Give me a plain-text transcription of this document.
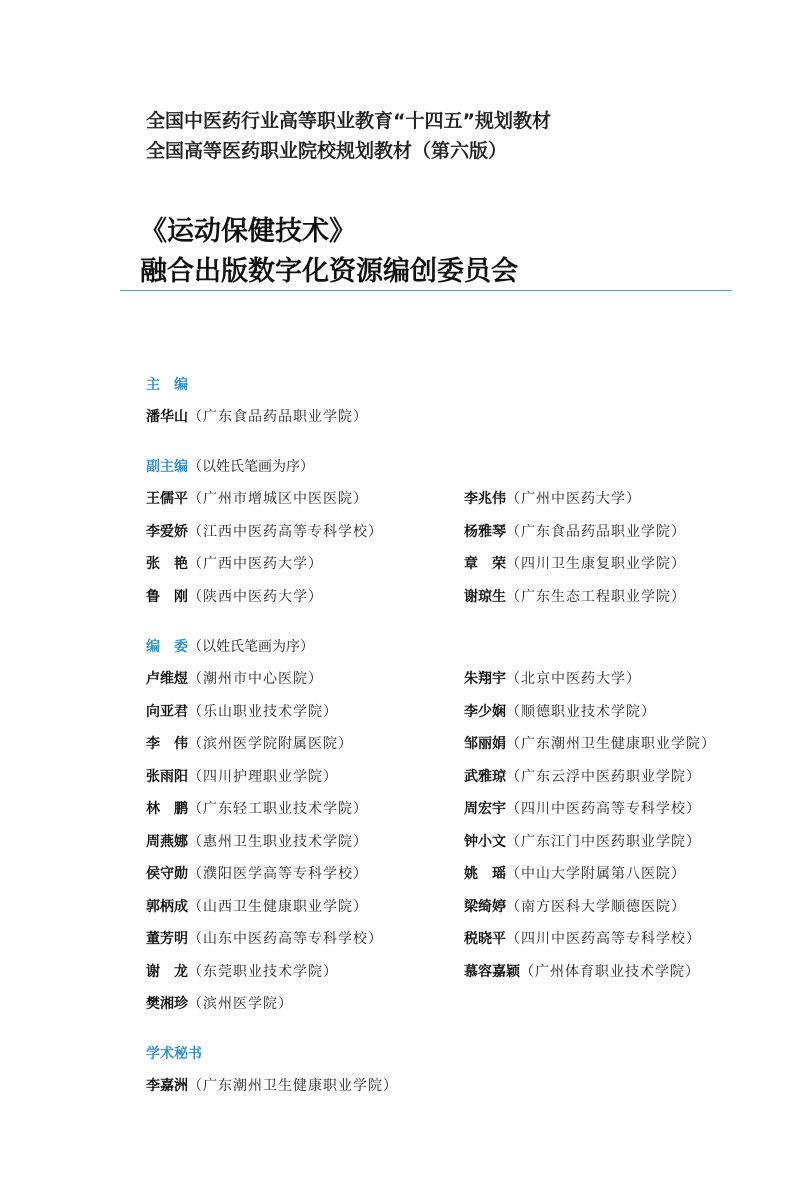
全国中医药行业高等职业教育“十四五”规划教材
全国高等医药职业院校规划教材（第六版）
《运动保健技术》
融合出版数字化资源编创委员会
主　编
潘华山（广东食品药品职业学院）
副主编（以姓氏笔画为序）
王儒平（广州市增城区中医医院）	李兆伟（广州中医药大学）
李爱娇（江西中医药高等专科学校）	杨雅琴（广东食品药品职业学院）
张　艳（广西中医药大学）	章　荣（四川卫生康复职业学院）
鲁　刚（陕西中医药大学）	谢琼生（广东生态工程职业学院）
编　委（以姓氏笔画为序）
卢维煜（潮州市中心医院）	朱翔宇（北京中医药大学）
向亚君（乐山职业技术学院）	李少娴（顺德职业技术学院）
李　伟（滨州医学院附属医院）	邹丽娟（广东潮州卫生健康职业学院）
张雨阳（四川护理职业学院）	武雅琼（广东云浮中医药职业学院）
林　鹏（广东轻工职业技术学院）	周宏宇（四川中医药高等专科学校）
周燕娜（惠州卫生职业技术学院）	钟小文（广东江门中医药职业学院）
侯守勋（濮阳医学高等专科学校）	姚　瑶（中山大学附属第八医院）
郭柄成（山西卫生健康职业学院）	梁绮婷（南方医科大学顺德医院）
董芳明（山东中医药高等专科学校）	税晓平（四川中医药高等专科学校）
谢　龙（东莞职业技术学院）	慕容嘉颖（广州体育职业技术学院）
樊湘珍（滨州医学院）
学术秘书
李嘉洲（广东潮州卫生健康职业学院）
